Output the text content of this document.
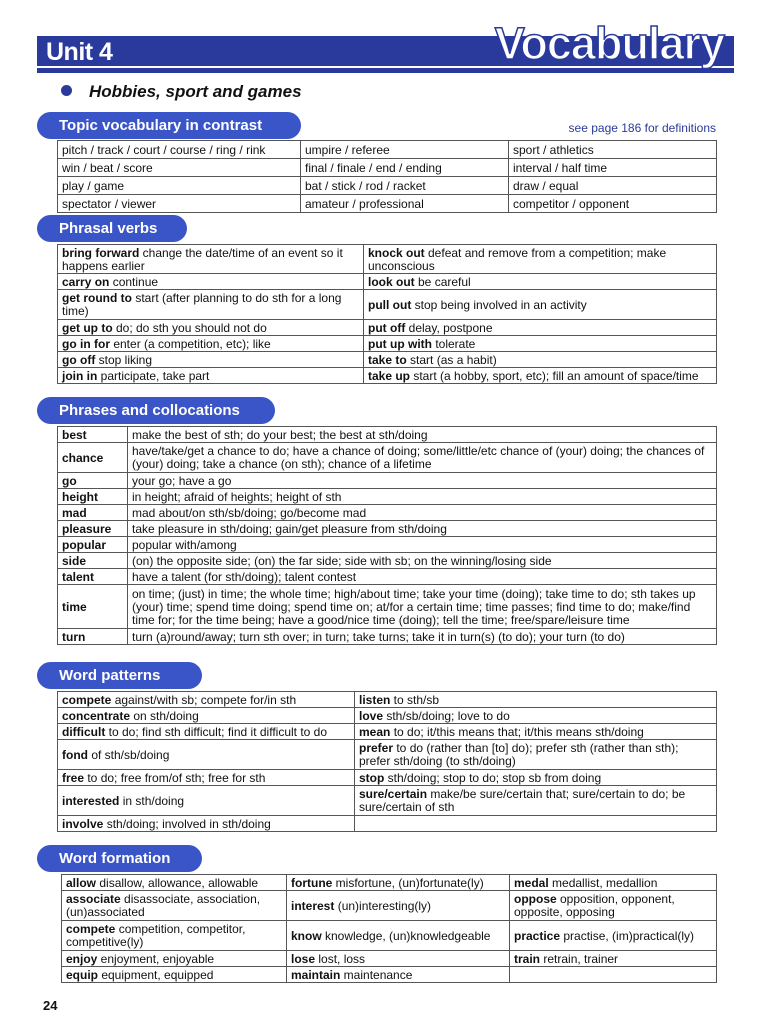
Unit 4	Vocabulary
Hobbies, sport and games
Topic vocabulary in contrast	see page 186 for definitions
pitch / track / court / course / ring / rink	umpire / referee	sport / athletics
win / beat / score	final / finale / end / ending	interval / half time
play / game	bat / stick / rod / racket	draw / equal
spectator / viewer	amateur / professional	competitor / opponent
Phrasal verbs
bring forward change the date/time of an event so it happens earlier	knock out defeat and remove from a competition; make unconscious
carry on continue	look out be careful
get round to start (after planning to do sth for a long time)	pull out stop being involved in an activity
get up to do; do sth you should not do	put off delay, postpone
go in for enter (a competition, etc); like	put up with tolerate
go off stop liking	take to start (as a habit)
join in participate, take part	take up start (a hobby, sport, etc); fill an amount of space/time
Phrases and collocations
best	make the best of sth; do your best; the best at sth/doing
chance	have/take/get a chance to do; have a chance of doing; some/little/etc chance of (your) doing; the chances of (your) doing; take a chance (on sth); chance of a lifetime
go	your go; have a go
height	in height; afraid of heights; height of sth
mad	mad about/on sth/sb/doing; go/become mad
pleasure	take pleasure in sth/doing; gain/get pleasure from sth/doing
popular	popular with/among
side	(on) the opposite side; (on) the far side; side with sb; on the winning/losing side
talent	have a talent (for sth/doing); talent contest
time	on time; (just) in time; the whole time; high/about time; take your time (doing); take time to do; sth takes up (your) time; spend time doing; spend time on; at/for a certain time; time passes; find time to do; make/find time for; for the time being; have a good/nice time (doing); tell the time; free/spare/leisure time
turn	turn (a)round/away; turn sth over; in turn; take turns; take it in turn(s) (to do); your turn (to do)
Word patterns
compete against/with sb; compete for/in sth	listen to sth/sb
concentrate on sth/doing	love sth/sb/doing; love to do
difficult to do; find sth difficult; find it difficult to do	mean to do; it/this means that; it/this means sth/doing
fond of sth/sb/doing	prefer to do (rather than [to] do); prefer sth (rather than sth); prefer sth/doing (to sth/doing)
free to do; free from/of sth; free for sth	stop sth/doing; stop to do; stop sb from doing
interested in sth/doing	sure/certain make/be sure/certain that; sure/certain to do; be sure/certain of sth
involve sth/doing; involved in sth/doing	
Word formation
allow disallow, allowance, allowable	fortune misfortune, (un)fortunate(ly)	medal medallist, medallion
associate disassociate, association, (un)associated	interest (un)interesting(ly)	oppose opposition, opponent, opposite, opposing
compete competition, competitor, competitive(ly)	know knowledge, (un)knowledgeable	practice practise, (im)practical(ly)
enjoy enjoyment, enjoyable	lose lost, loss	train retrain, trainer
equip equipment, equipped	maintain maintenance	
24
